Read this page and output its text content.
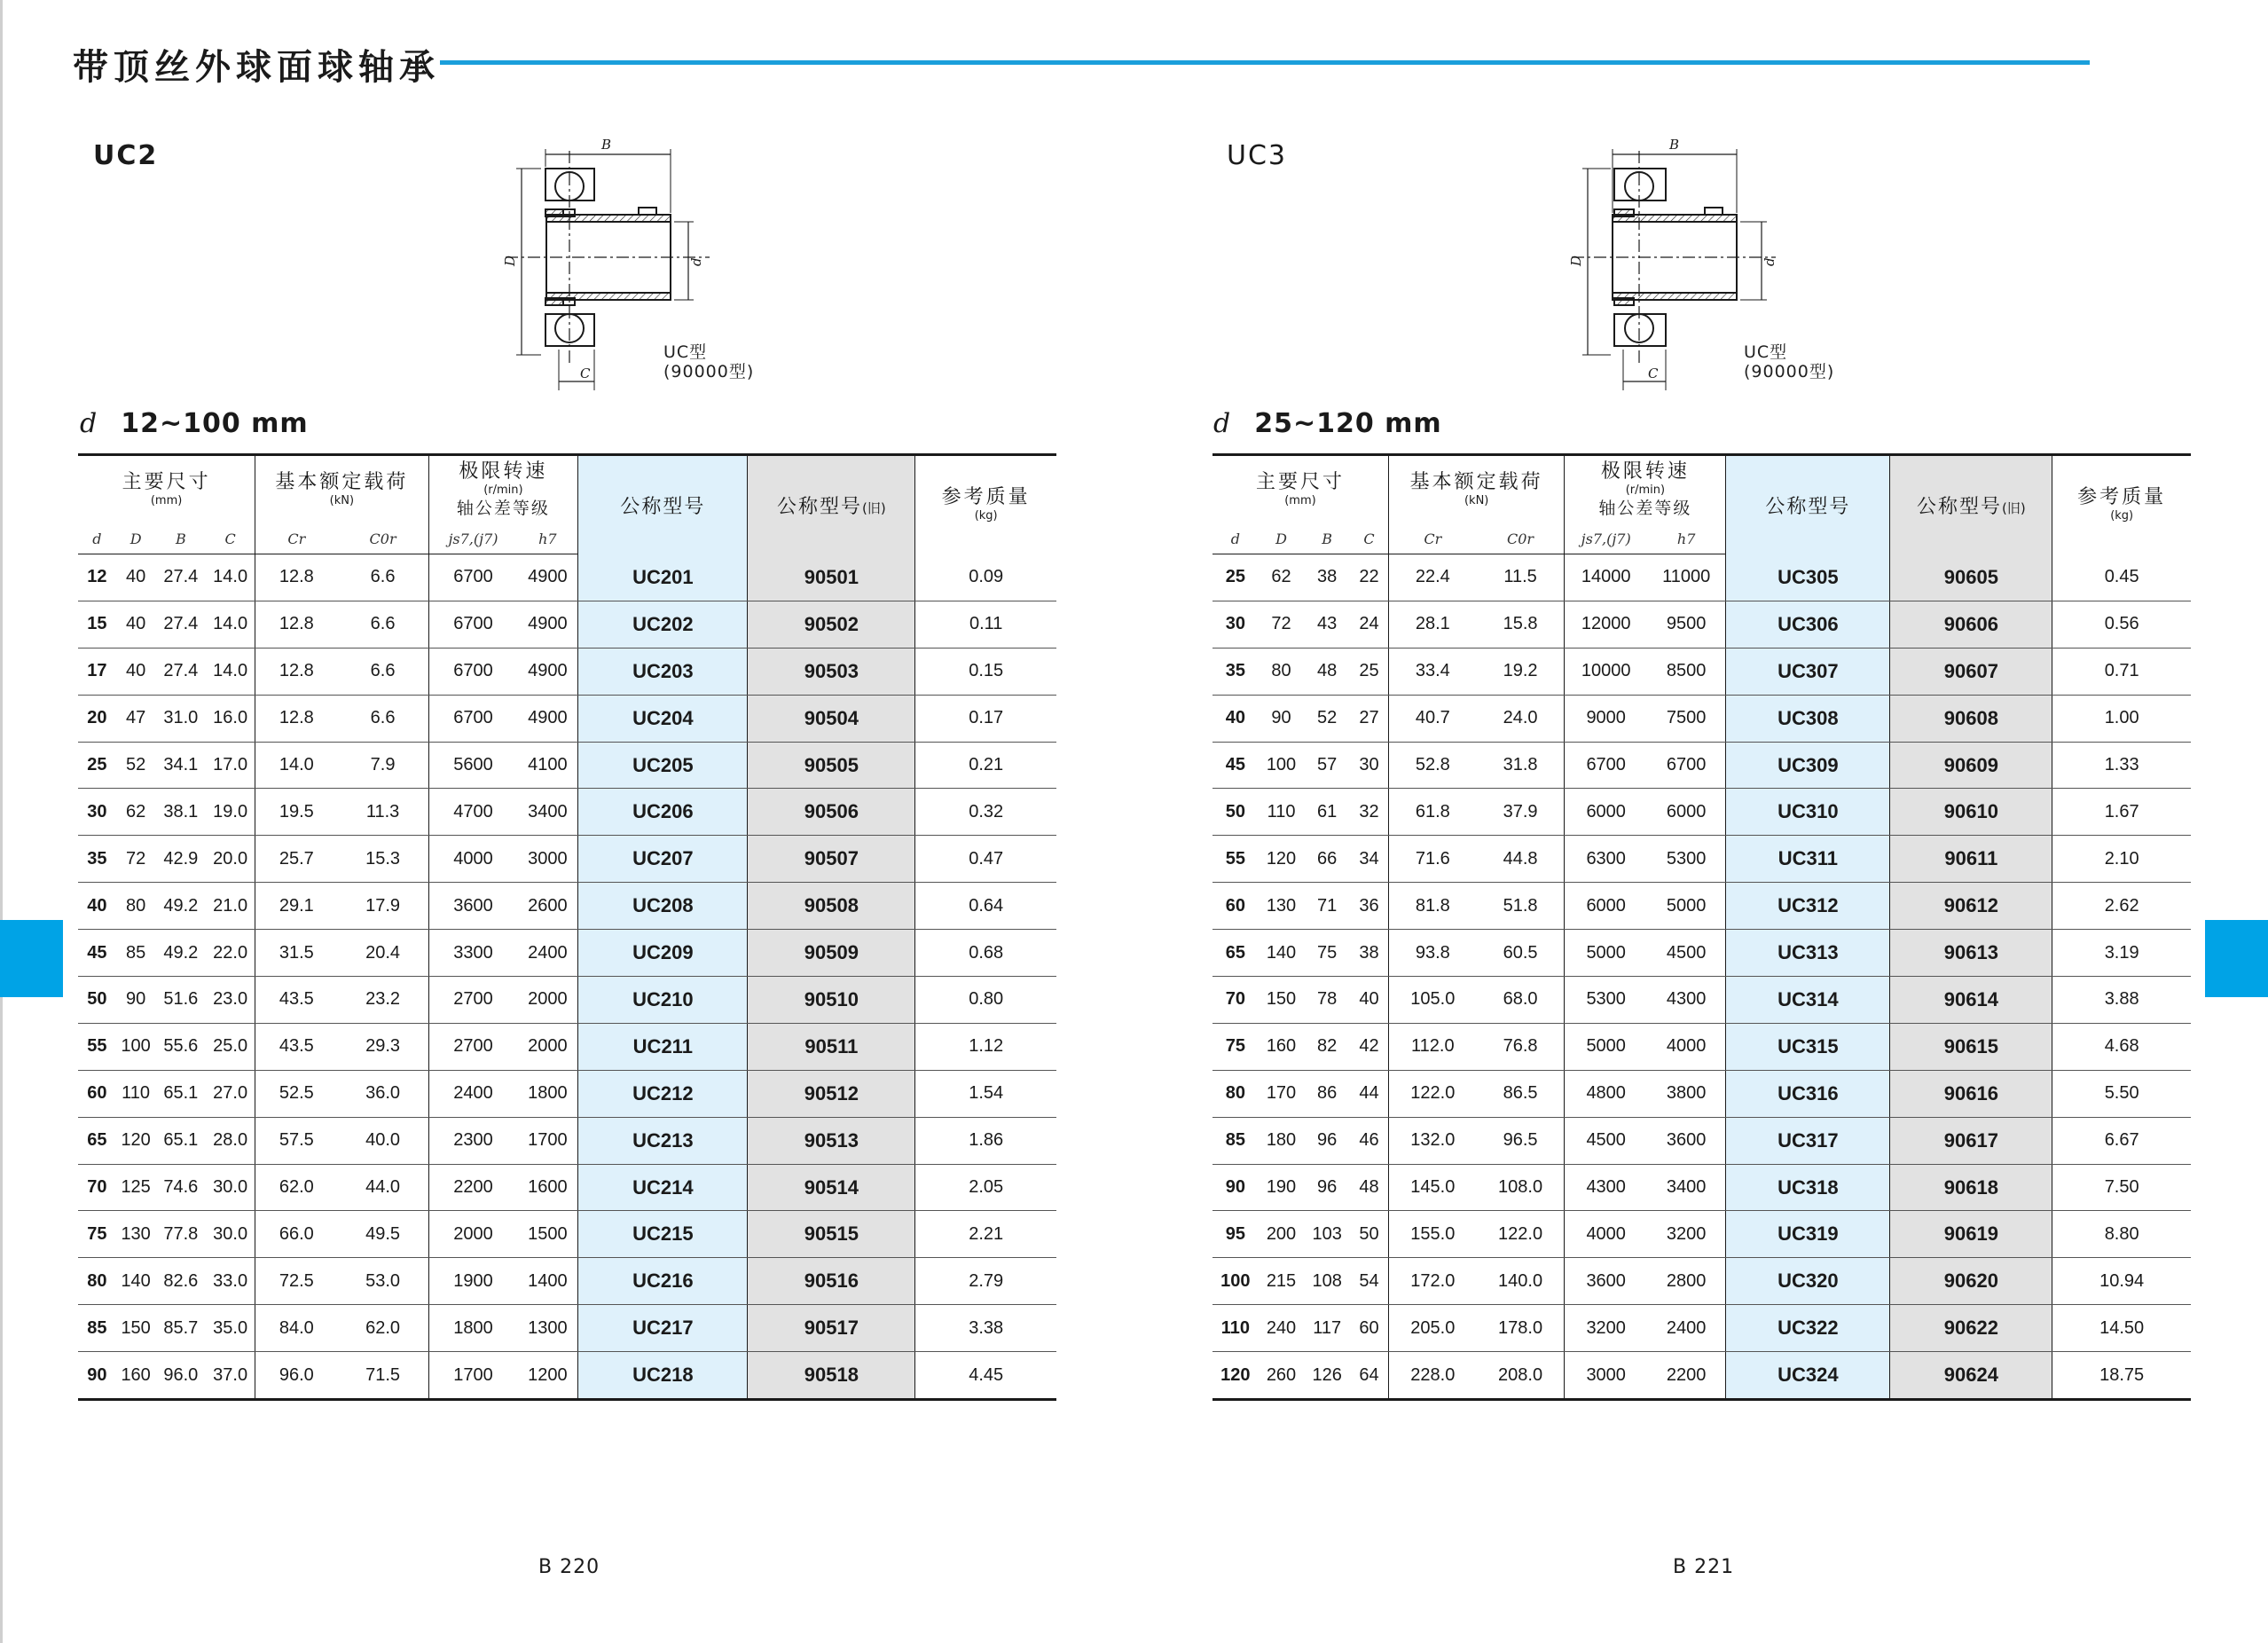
带顶丝外球面球轴承
UC2	B
D	d
C
UC型
(90000型)
d 12~100 mm
主要尺寸
(mm)				基本额定载荷
(kN)		极限转速
(r/min)
轴公差等级		公称型号	公称型号(旧)	参考质量
(kg)

d	D	B	C	Cr	C0r	js7,(j7)	h7			
12	40	27.4	14.0	12.8	6.6	6700	4900	UC201	90501	0.09
15	40	27.4	14.0	12.8	6.6	6700	4900	UC202	90502	0.11
17	40	27.4	14.0	12.8	6.6	6700	4900	UC203	90503	0.15
20	47	31.0	16.0	12.8	6.6	6700	4900	UC204	90504	0.17
25	52	34.1	17.0	14.0	7.9	5600	4100	UC205	90505	0.21
30	62	38.1	19.0	19.5	11.3	4700	3400	UC206	90506	0.32
35	72	42.9	20.0	25.7	15.3	4000	3000	UC207	90507	0.47
40	80	49.2	21.0	29.1	17.9	3600	2600	UC208	90508	0.64
45	85	49.2	22.0	31.5	20.4	3300	2400	UC209	90509	0.68
50	90	51.6	23.0	43.5	23.2	2700	2000	UC210	90510	0.80
55	100	55.6	25.0	43.5	29.3	2700	2000	UC211	90511	1.12
60	110	65.1	27.0	52.5	36.0	2400	1800	UC212	90512	1.54
65	120	65.1	28.0	57.5	40.0	2300	1700	UC213	90513	1.86
70	125	74.6	30.0	62.0	44.0	2200	1600	UC214	90514	2.05
75	130	77.8	30.0	66.0	49.5	2000	1500	UC215	90515	2.21
80	140	82.6	33.0	72.5	53.0	1900	1400	UC216	90516	2.79
85	150	85.7	35.0	84.0	62.0	1800	1300	UC217	90517	3.38
90	160	96.0	37.0	96.0	71.5	1700	1200	UC218	90518	4.45
B 220
UC3	B
D	d
C
UC型
(90000型)
d 25~120 mm
主要尺寸
(mm)				基本额定载荷
(kN)		极限转速
(r/min)
轴公差等级		公称型号	公称型号(旧)	参考质量
(kg)

d	D	B	C	Cr	C0r	js7,(j7)	h7			
25	62	38	22	22.4	11.5	14000	11000	UC305	90605	0.45
30	72	43	24	28.1	15.8	12000	9500	UC306	90606	0.56
35	80	48	25	33.4	19.2	10000	8500	UC307	90607	0.71
40	90	52	27	40.7	24.0	9000	7500	UC308	90608	1.00
45	100	57	30	52.8	31.8	6700	6700	UC309	90609	1.33
50	110	61	32	61.8	37.9	6000	6000	UC310	90610	1.67
55	120	66	34	71.6	44.8	6300	5300	UC311	90611	2.10
60	130	71	36	81.8	51.8	6000	5000	UC312	90612	2.62
65	140	75	38	93.8	60.5	5000	4500	UC313	90613	3.19
70	150	78	40	105.0	68.0	5300	4300	UC314	90614	3.88
75	160	82	42	112.0	76.8	5000	4000	UC315	90615	4.68
80	170	86	44	122.0	86.5	4800	3800	UC316	90616	5.50
85	180	96	46	132.0	96.5	4500	3600	UC317	90617	6.67
90	190	96	48	145.0	108.0	4300	3400	UC318	90618	7.50
95	200	103	50	155.0	122.0	4000	3200	UC319	90619	8.80
100	215	108	54	172.0	140.0	3600	2800	UC320	90620	10.94
110	240	117	60	205.0	178.0	3200	2400	UC322	90622	14.50
120	260	126	64	228.0	208.0	3000	2200	UC324	90624	18.75
B 221
